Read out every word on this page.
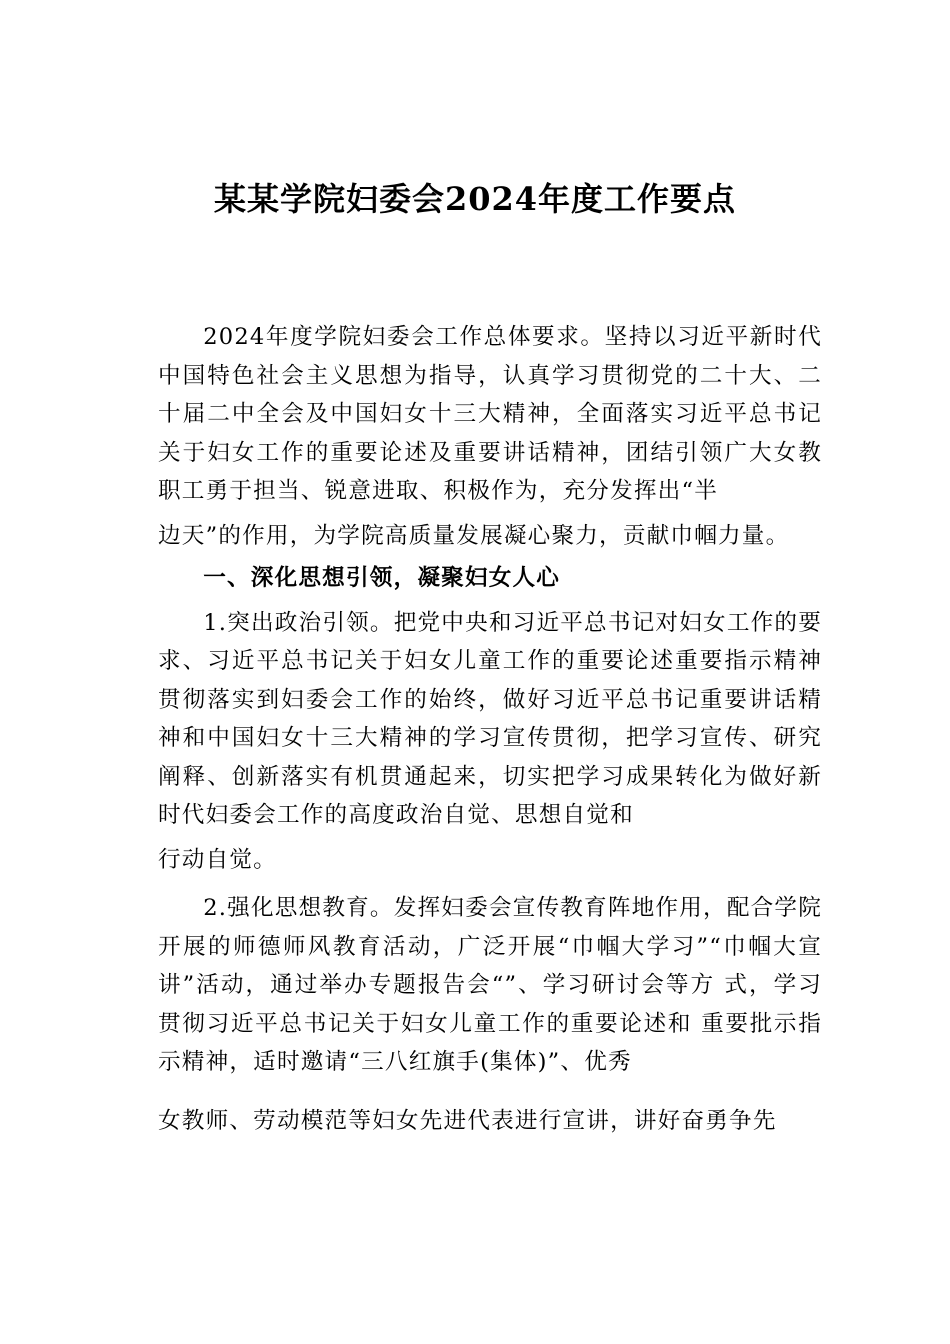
某某学院妇委会2024年度工作要点

2024年度学院妇委会工作总体要求。坚持以习近平新时代中国特色社会主义思想为指导，认真学习贯彻党的二十大、二十届二中全会及中国妇女十三大精神，全面落实习近平总书记关于妇女工作的重要论述及重要讲话精神，团结引领广大女教职工勇于担当、锐意进取、积极作为，充分发挥出“半

边天”的作用，为学院高质量发展凝心聚力，贡献巾帼力量。

一、深化思想引领，凝聚妇女人心

1.突出政治引领。把党中央和习近平总书记对妇女工作的要求、习近平总书记关于妇女儿童工作的重要论述重要指示精神贯彻落实到妇委会工作的始终，做好习近平总书记重要讲话精神和中国妇女十三大精神的学习宣传贯彻，把学习宣传、研究阐释、创新落实有机贯通起来，切实把学习成果转化为做好新时代妇委会工作的高度政治自觉、思想自觉和

行动自觉。

2.强化思想教育。发挥妇委会宣传教育阵地作用，配合学院开展的师德师风教育活动，广泛开展“巾帼大学习”“巾帼大宣讲”活动，通过举办专题报告会“”、学习研讨会等方 式，学习贯彻习近平总书记关于妇女儿童工作的重要论述和 重要批示指示精神，适时邀请“三八红旗手(集体)”、优秀

女教师、劳动模范等妇女先进代表进行宣讲，讲好奋勇争先
